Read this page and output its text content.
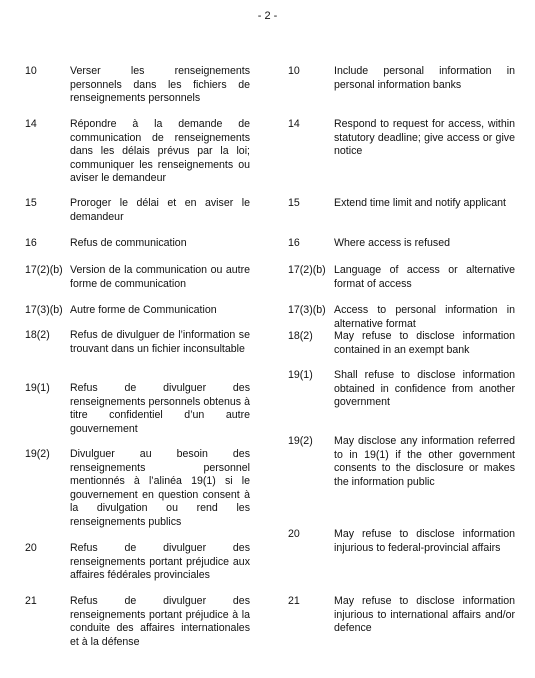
- 2 -
10	Verser les renseignements personnels dans les fichiers de renseignements personnels
14	Répondre à la demande de communication de renseignements dans les délais prévus par la loi; communiquer les renseignements ou aviser le demandeur
15	Proroger le délai et en aviser le demandeur
16	Refus de communication
17(2)(b) Version de la communication ou autre forme de communication
17(3)(b) Autre forme de Communication
18(2)	Refus de divulguer de l’information se trouvant dans un fichier inconsultable
19(1)	Refus de divulguer des renseignements personnels obtenus à titre confidentiel d’un autre gouvernement
19(2)	Divulguer au besoin des renseignements personnel mentionnés à l’alinéa 19(1) si le gouvernement en question consent à la divulgation ou rend les renseignements publics
20	Refus de divulguer des renseignements portant préjudice aux affaires fédérales provinciales
21	Refus de divulguer des renseignements portant préjudice à la conduite des affaires internationales et à la défense
10	Include personal information in personal information banks
14	Respond to request for access, within statutory deadline; give access or give notice
15	Extend time limit and notify applicant
16	Where access is refused
17(2)(b) Language of access or alternative format of access
17(3)(b) Access to personal information in alternative format
18(2)	May refuse to disclose information contained in an exempt bank
19(1)	Shall refuse to disclose information obtained in confidence from another government
19(2)	May disclose any information referred to in 19(1) if the other government consents to the disclosure or makes the information public
20	May refuse to disclose information injurious to federal-provincial affairs
21	May refuse to disclose information injurious to international affairs and/or defence
